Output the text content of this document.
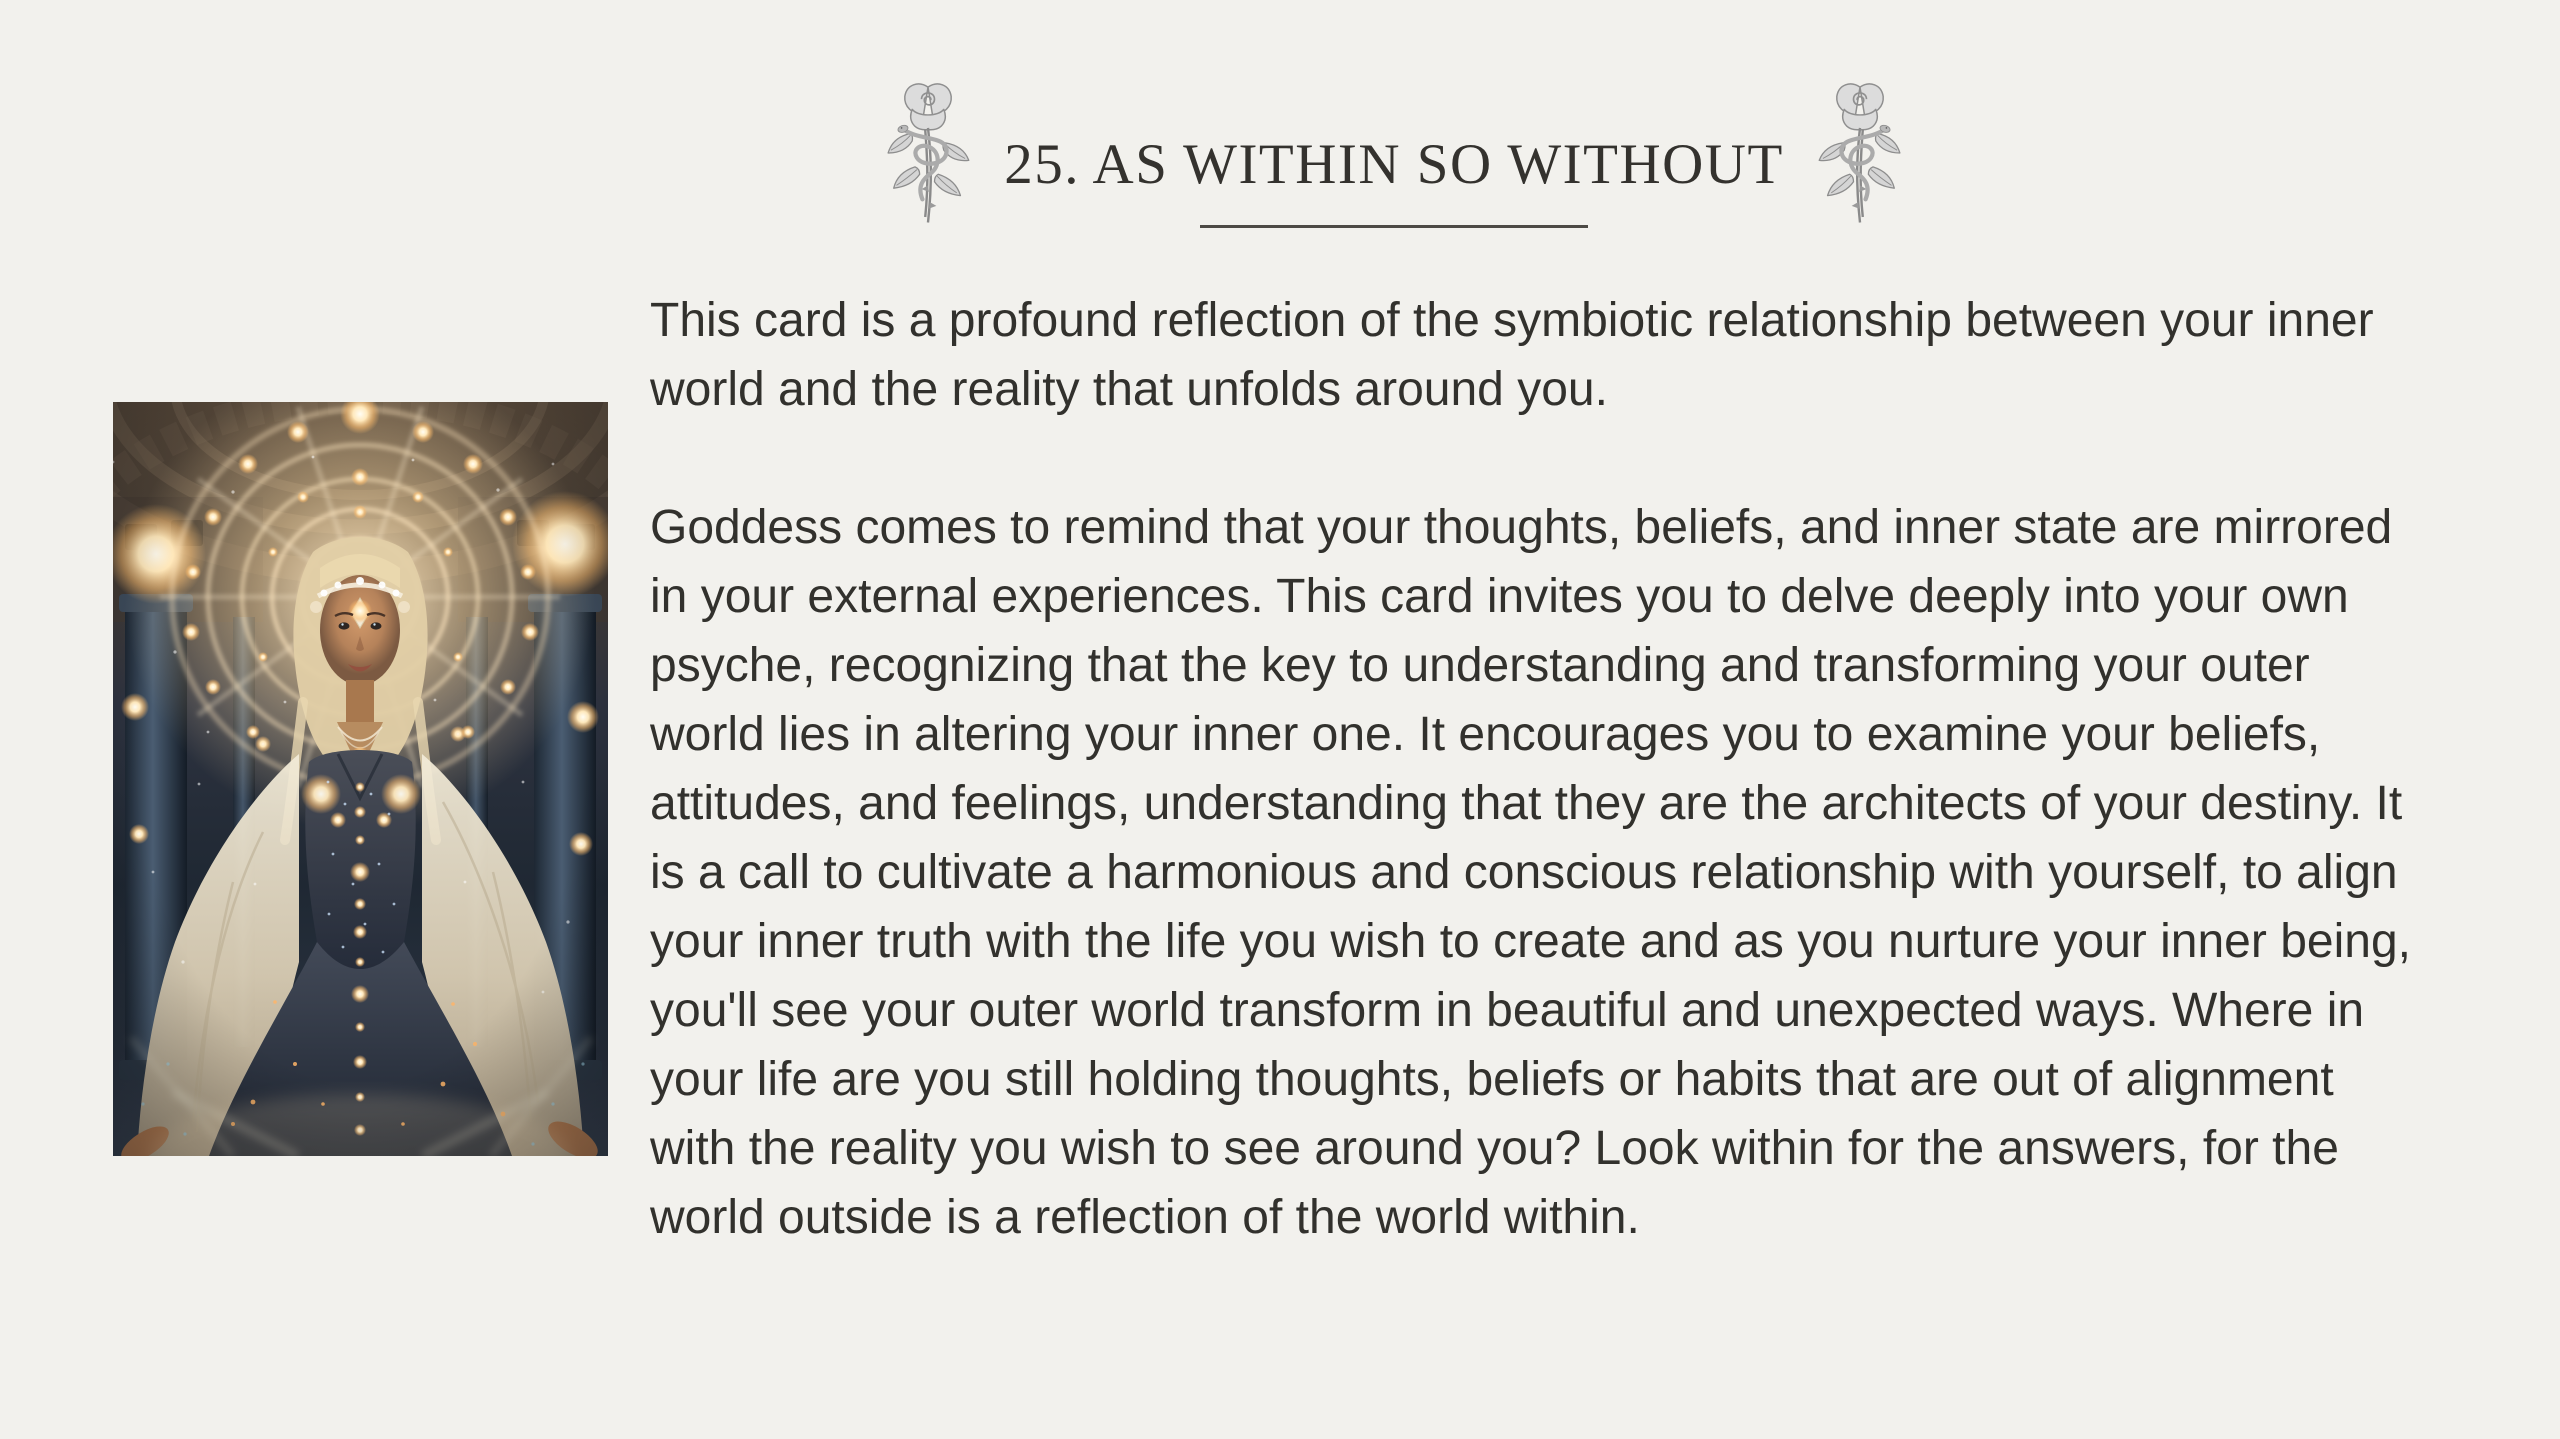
25. AS WITHIN SO WITHOUT

This card is a profound reflection of the symbiotic relationship between your inner world and the reality that unfolds around you.

Goddess comes to remind that your thoughts, beliefs, and inner state are mirrored in your external experiences. This card invites you to delve deeply into your own psyche, recognizing that the key to understanding and transforming your outer world lies in altering your inner one. It encourages you to examine your beliefs, attitudes, and feelings, understanding that they are the architects of your destiny. It is a call to cultivate a harmonious and conscious relationship with yourself, to align your inner truth with the life you wish to create and as you nurture your inner being, you'll see your outer world transform in beautiful and unexpected ways. Where in your life are you still holding thoughts, beliefs or habits that are out of alignment with the reality you wish to see around you? Look within for the answers, for the world outside is a reflection of the world within.
